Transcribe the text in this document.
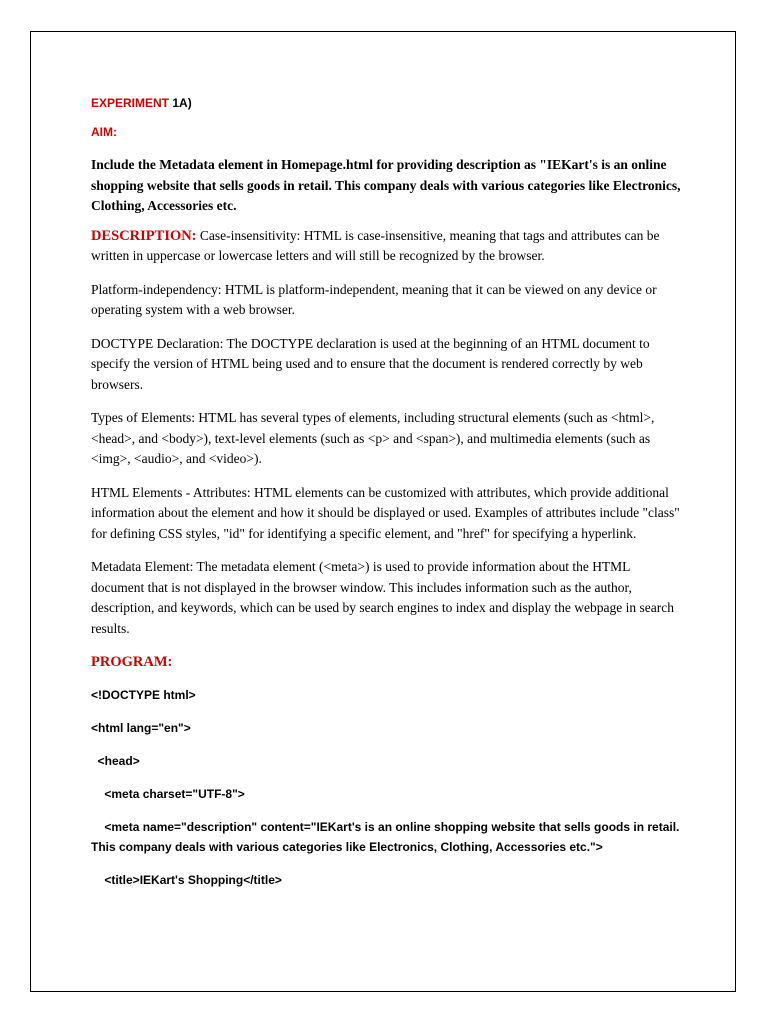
EXPERIMENT 1A)

AIM:

Include the Metadata element in Homepage.html for providing description as "IEKart's is an online shopping website that sells goods in retail. This company deals with various categories like Electronics, Clothing, Accessories etc.

DESCRIPTION: Case-insensitivity: HTML is case-insensitive, meaning that tags and attributes can be written in uppercase or lowercase letters and will still be recognized by the browser.

Platform-independency: HTML is platform-independent, meaning that it can be viewed on any device or operating system with a web browser.

DOCTYPE Declaration: The DOCTYPE declaration is used at the beginning of an HTML document to specify the version of HTML being used and to ensure that the document is rendered correctly by web browsers.

Types of Elements: HTML has several types of elements, including structural elements (such as <html>, <head>, and <body>), text-level elements (such as <p> and <span>), and multimedia elements (such as <img>, <audio>, and <video>).

HTML Elements - Attributes: HTML elements can be customized with attributes, which provide additional information about the element and how it should be displayed or used. Examples of attributes include "class" for defining CSS styles, "id" for identifying a specific element, and "href" for specifying a hyperlink.

Metadata Element: The metadata element (<meta>) is used to provide information about the HTML document that is not displayed in the browser window. This includes information such as the author, description, and keywords, which can be used by search engines to index and display the webpage in search results.

PROGRAM:

<!DOCTYPE html>

<html lang="en">

<head>

<meta charset="UTF-8">

<meta name="description" content="IEKart's is an online shopping website that sells goods in retail. This company deals with various categories like Electronics, Clothing, Accessories etc.">

<title>IEKart's Shopping</title>
